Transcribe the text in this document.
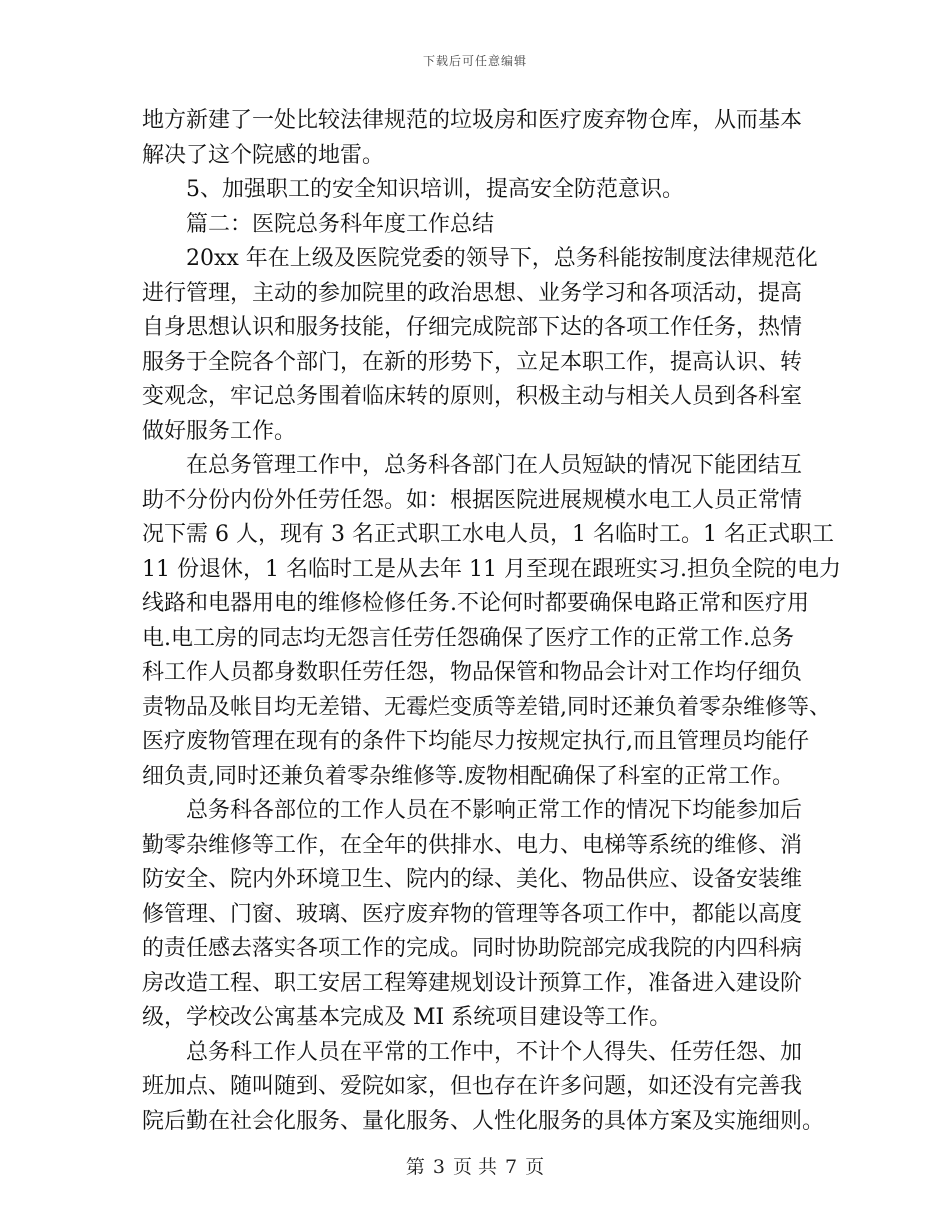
下载后可任意编辑
地方新建了一处比较法律规范的垃圾房和医疗废弃物仓库，从而基本
解决了这个院感的地雷。
5、加强职工的安全知识培训，提高安全防范意识。
篇二：医院总务科年度工作总结
20xx 年在上级及医院党委的领导下，总务科能按制度法律规范化
进行管理，主动的参加院里的政治思想、业务学习和各项活动，提高
自身思想认识和服务技能，仔细完成院部下达的各项工作任务，热情
服务于全院各个部门，在新的形势下，立足本职工作，提高认识、转
变观念，牢记总务围着临床转的原则，积极主动与相关人员到各科室
做好服务工作。
在总务管理工作中，总务科各部门在人员短缺的情况下能团结互
助不分份内份外任劳任怨。如：根据医院进展规模水电工人员正常情
况下需 6 人，现有 3 名正式职工水电人员，1 名临时工。1 名正式职工
11 份退休，1 名临时工是从去年 11 月至现在跟班实习.担负全院的电力
线路和电器用电的维修检修任务.不论何时都要确保电路正常和医疗用
电.电工房的同志均无怨言任劳任怨确保了医疗工作的正常工作.总务
科工作人员都身数职任劳任怨，物品保管和物品会计对工作均仔细负
责物品及帐目均无差错、无霉烂变质等差错,同时还兼负着零杂维修等、
医疗废物管理在现有的条件下均能尽力按规定执行,而且管理员均能仔
细负责,同时还兼负着零杂维修等.废物相配确保了科室的正常工作。
总务科各部位的工作人员在不影响正常工作的情况下均能参加后
勤零杂维修等工作，在全年的供排水、电力、电梯等系统的维修、消
防安全、院内外环境卫生、院内的绿、美化、物品供应、设备安装维
修管理、门窗、玻璃、医疗废弃物的管理等各项工作中，都能以高度
的责任感去落实各项工作的完成。同时协助院部完成我院的内四科病
房改造工程、职工安居工程筹建规划设计预算工作，准备进入建设阶
级，学校改公寓基本完成及 MI 系统项目建设等工作。
总务科工作人员在平常的工作中，不计个人得失、任劳任怨、加
班加点、随叫随到、爱院如家，但也存在许多问题，如还没有完善我
院后勤在社会化服务、量化服务、人性化服务的具体方案及实施细则。
第 3 页 共 7 页
